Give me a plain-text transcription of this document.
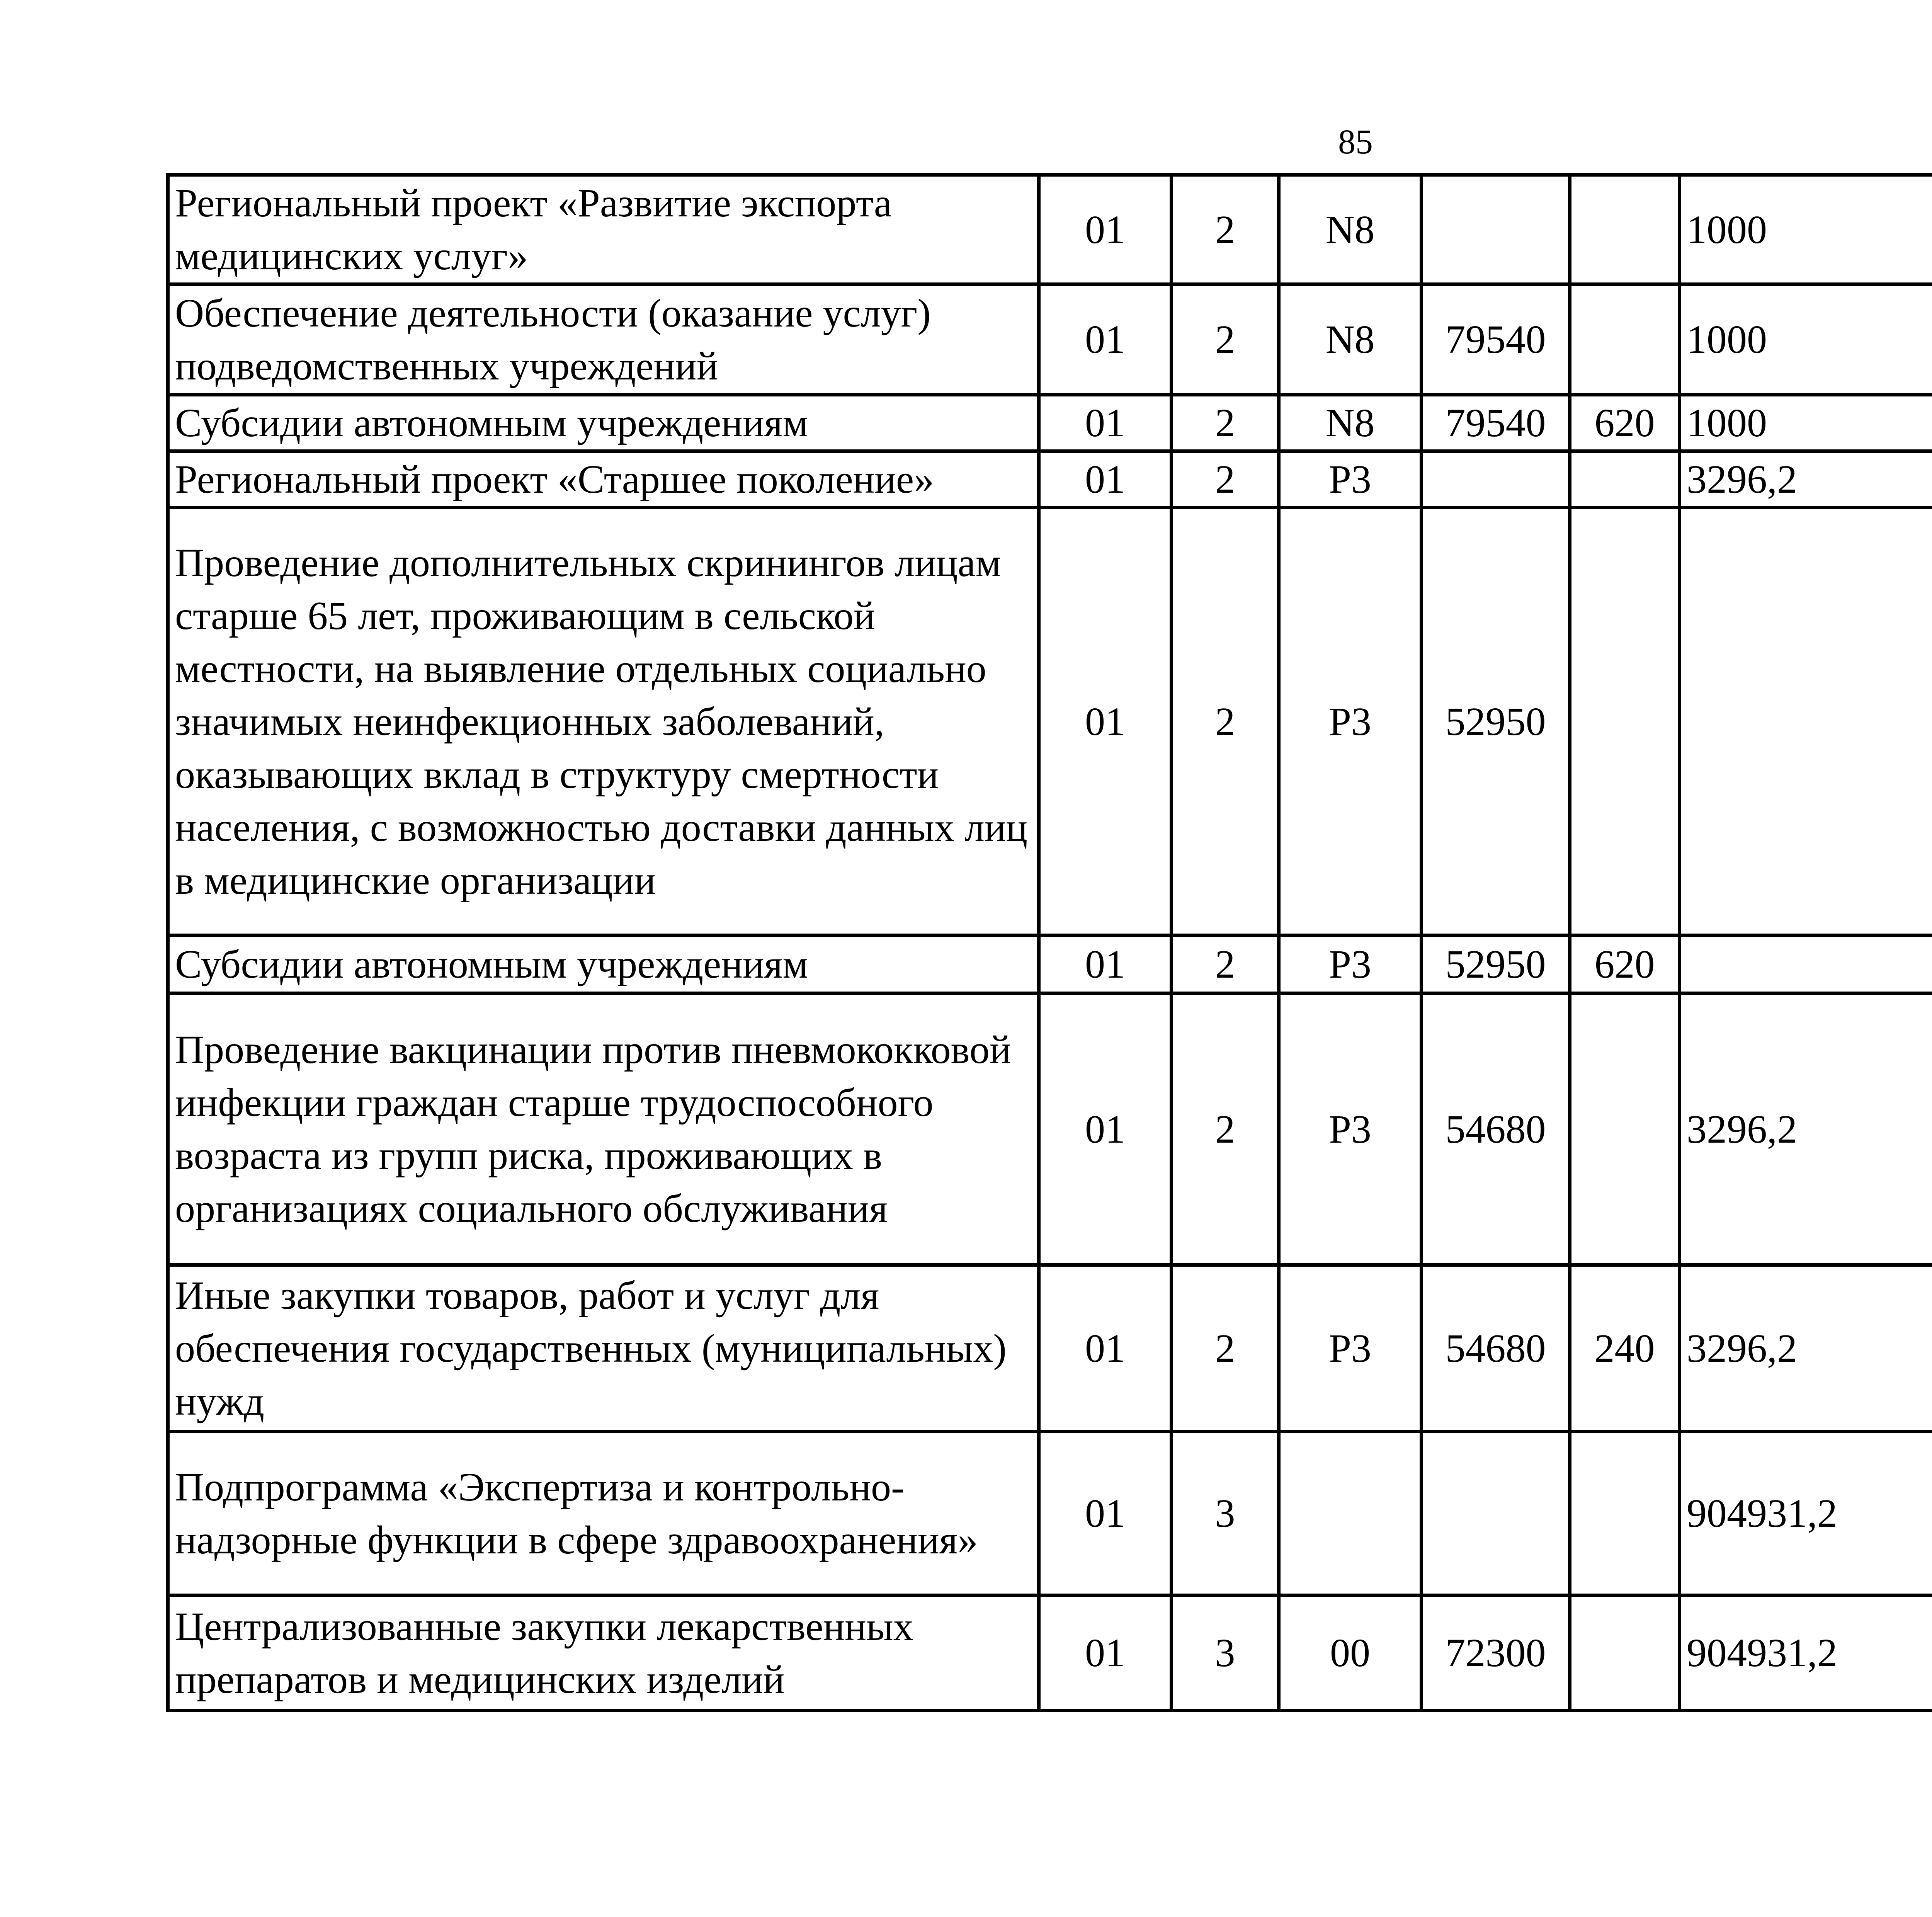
85
Региональный проект «Развитие экспорта медицинских услуг»	01	2	N8			1000		
Обеспечение деятельности (оказание услуг) подведомственных учреждений	01	2	N8	79540		1000		
Субсидии автономным учреждениям	01	2	N8	79540	620	1000		
Региональный проект «Старшее поколение»	01	2	P3			3296,2		
Проведение дополнительных скринингов лицам старше 65 лет, проживающим в сельской местности, на выявление отдельных социально значимых неинфекционных заболеваний, оказывающих вклад в структуру смертности населения, с возможностью доставки данных лиц в медицинские организации	01	2	P3	52950				
Субсидии автономным учреждениям	01	2	P3	52950	620			
Проведение вакцинации против пневмококковой инфекции граждан старше трудоспособного возраста из групп риска, проживающих в организациях социального обслуживания	01	2	P3	54680		3296,2		
Иные закупки товаров, работ и услуг для обеспечения государственных (муниципальных) нужд	01	2	P3	54680	240	3296,2		
Подпрограмма «Экспертиза и контрольно-надзорные функции в сфере здравоохранения»	01	3				904931,2		
Централизованные закупки лекарственных препаратов и медицинских изделий	01	3	00	72300		904931,2		
